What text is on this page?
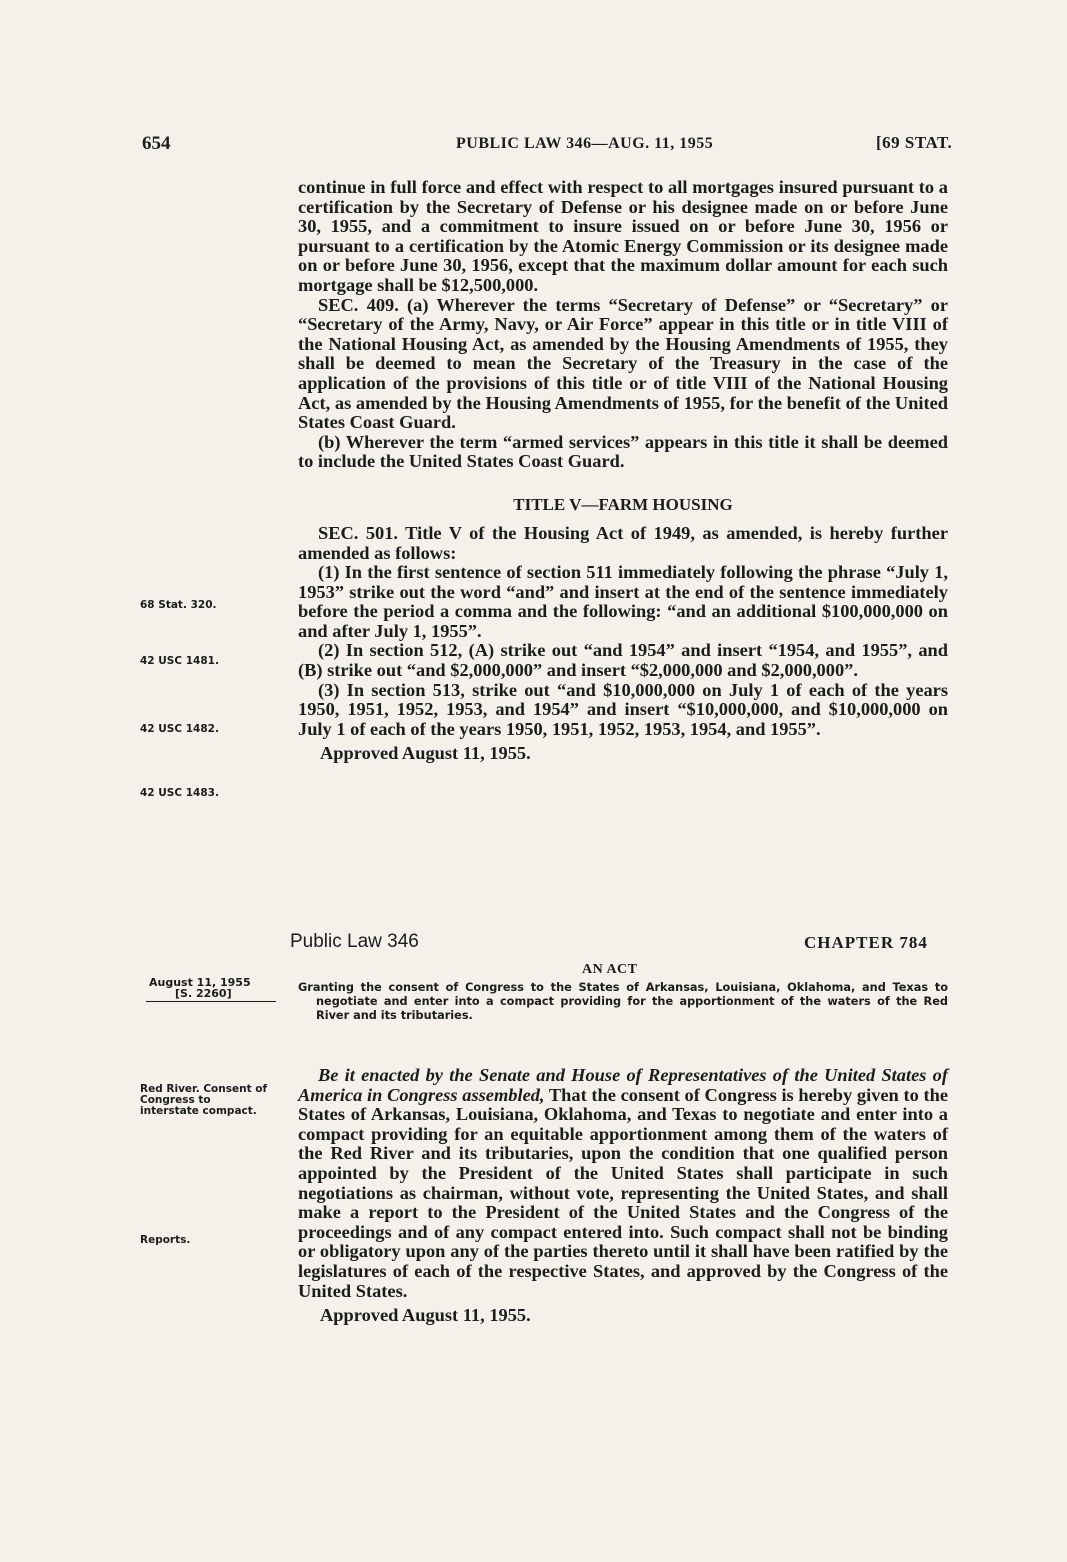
654	PUBLIC LAW 346—AUG. 11, 1955	[69 STAT.

continue in full force and effect with respect to all mortgages insured pursuant to a certification by the Secretary of Defense or his designee made on or before June 30, 1955, and a commitment to insure issued on or before June 30, 1956 or pursuant to a certification by the Atomic Energy Commission or its designee made on or before June 30, 1956, except that the maximum dollar amount for each such mortgage shall be $12,500,000.

SEC. 409. (a) Wherever the terms “Secretary of Defense” or “Secretary” or “Secretary of the Army, Navy, or Air Force” appear in this title or in title VIII of the National Housing Act, as amended by the Housing Amendments of 1955, they shall be deemed to mean the Secretary of the Treasury in the case of the application of the provisions of this title or of title VIII of the National Housing Act, as amended by the Housing Amendments of 1955, for the benefit of the United States Coast Guard.

(b) Wherever the term “armed services” appears in this title it shall be deemed to include the United States Coast Guard.

TITLE V—FARM HOUSING

SEC. 501. Title V of the Housing Act of 1949, as amended, is hereby further amended as follows:

(1) In the first sentence of section 511 immediately following the phrase “July 1, 1953” strike out the word “and” and insert at the end of the sentence immediately before the period a comma and the following: “and an additional $100,000,000 on and after July 1, 1955”.

(2) In section 512, (A) strike out “and 1954” and insert “1954, and 1955”, and (B) strike out “and $2,000,000” and insert “$2,000,000 and $2,000,000”.

(3) In section 513, strike out “and $10,000,000 on July 1 of each of the years 1950, 1951, 1952, 1953, and 1954” and insert “$10,000,000, and $10,000,000 on July 1 of each of the years 1950, 1951, 1952, 1953, 1954, and 1955”.

Approved August 11, 1955.
68 Stat. 320.
42 USC 1481.
42 USC 1482.
42 USC 1483.
Public Law 346	CHAPTER 784
AN ACT
August 11, 1955
[S. 2260]	Granting the consent of Congress to the States of Arkansas, Louisiana, Oklahoma, and Texas to negotiate and enter into a compact providing for the apportionment of the waters of the Red River and its tributaries.
Red River. Consent of Congress to interstate compact.
Reports.

Be it enacted by the Senate and House of Representatives of the United States of America in Congress assembled, That the consent of Congress is hereby given to the States of Arkansas, Louisiana, Oklahoma, and Texas to negotiate and enter into a compact providing for an equitable apportionment among them of the waters of the Red River and its tributaries, upon the condition that one qualified person appointed by the President of the United States shall participate in such negotiations as chairman, without vote, representing the United States, and shall make a report to the President of the United States and the Congress of the proceedings and of any compact entered into. Such compact shall not be binding or obligatory upon any of the parties thereto until it shall have been ratified by the legislatures of each of the respective States, and approved by the Congress of the United States.

Approved August 11, 1955.
